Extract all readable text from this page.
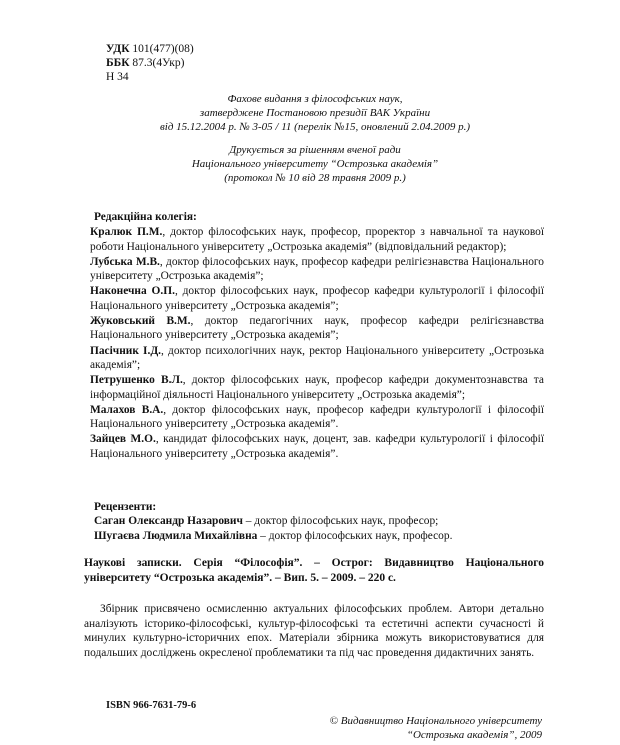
УДК 101(477)(08)
ББК 87.3(4Укр)
Н 34
Фахове видання з філософських наук,
затверджене Постановою президії ВАК України
від 15.12.2004 р. № 3-05 / 11 (перелік №15, оновлений 2.04.2009 р.)
Друкується за рішенням вченої ради
Національного університету “Острозька академія”
(протокол № 10 від 28 травня 2009 р.)
Редакційна колегія:
Кралюк П.М., доктор філософських наук, професор, проректор з навчальної та наукової роботи Національного університету „Острозька академія” (відповідальний редактор);
Лубська М.В., доктор філософських наук, професор кафедри релігієзнавства Національного університету „Острозька академія”;
Наконечна О.П., доктор філософських наук, професор кафедри культурології і філософії Національного університету „Острозька академія”;
Жуковський В.М., доктор педагогічних наук, професор кафедри релігієзнавства Національного університету „Острозька академія”;
Пасічник І.Д., доктор психологічних наук, ректор Національного університету „Острозька академія”;
Петрушенко В.Л., доктор філософських наук, професор кафедри документознавства та інформаційної діяльності Національного університету „Острозька академія”;
Малахов В.А., доктор філософських наук, професор кафедри культурології і філософії Національного університету „Острозька академія”.
Зайцев М.О., кандидат філософських наук, доцент, зав. кафедри культурології і філософії Національного університету „Острозька академія”.
Рецензенти:
Саган Олександр Назарович – доктор філософських наук, професор;
Шугаєва Людмила Михайлівна – доктор філософських наук, професор.
Наукові записки. Серія “Філософія”. – Острог: Видавництво Національного університету “Острозька академія”. – Вип. 5. – 2009. – 220 с.
Збірник присвячено осмисленню актуальних філософських проблем. Автори детально аналізують історико-філософські, культур-філософські та естетичні аспекти сучасності й минулих культурно-історичних епох. Матеріали збірника можуть використовуватися для подальших досліджень окресленої проблематики та під час проведення дидактичних занять.
ISBN 966-7631-79-6
© Видавництво Національного університету
“Острозька академія”, 2009
